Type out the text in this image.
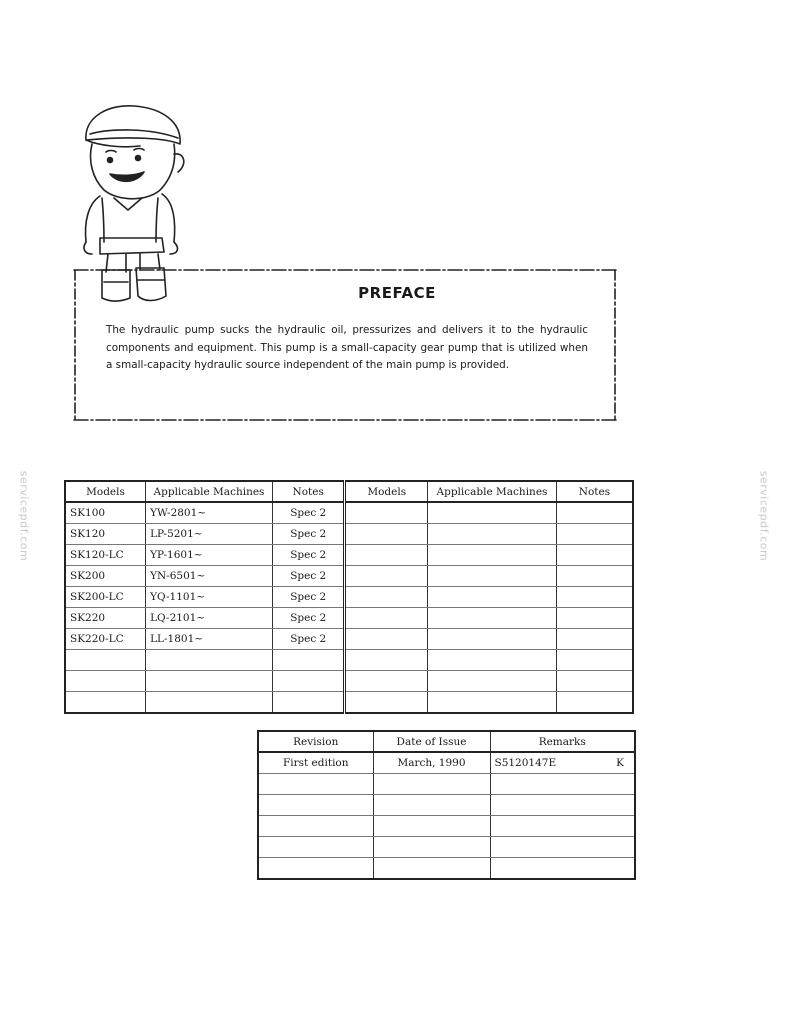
PREFACE
The hydraulic pump sucks the hydraulic oil, pressurizes and delivers it to the hydraulic components and equipment. This pump is a small-capacity gear pump that is utilized when a small-capacity hydraulic source independent of the main pump is provided.
servicepdf.com	servicepdf.com
Models	Applicable Machines	Notes	Models	Applicable Machines	Notes
SK100	YW-2801~	Spec 2			
SK120	LP-5201~	Spec 2			
SK120-LC	YP-1601~	Spec 2			
SK200	YN-6501~	Spec 2			
SK200-LC	YQ-1101~	Spec 2			
SK220	LQ-2101~	Spec 2			
SK220-LC	LL-1801~	Spec 2			

Revision	Date of Issue	Remarks
First edition	March, 1990	S5120147E K
